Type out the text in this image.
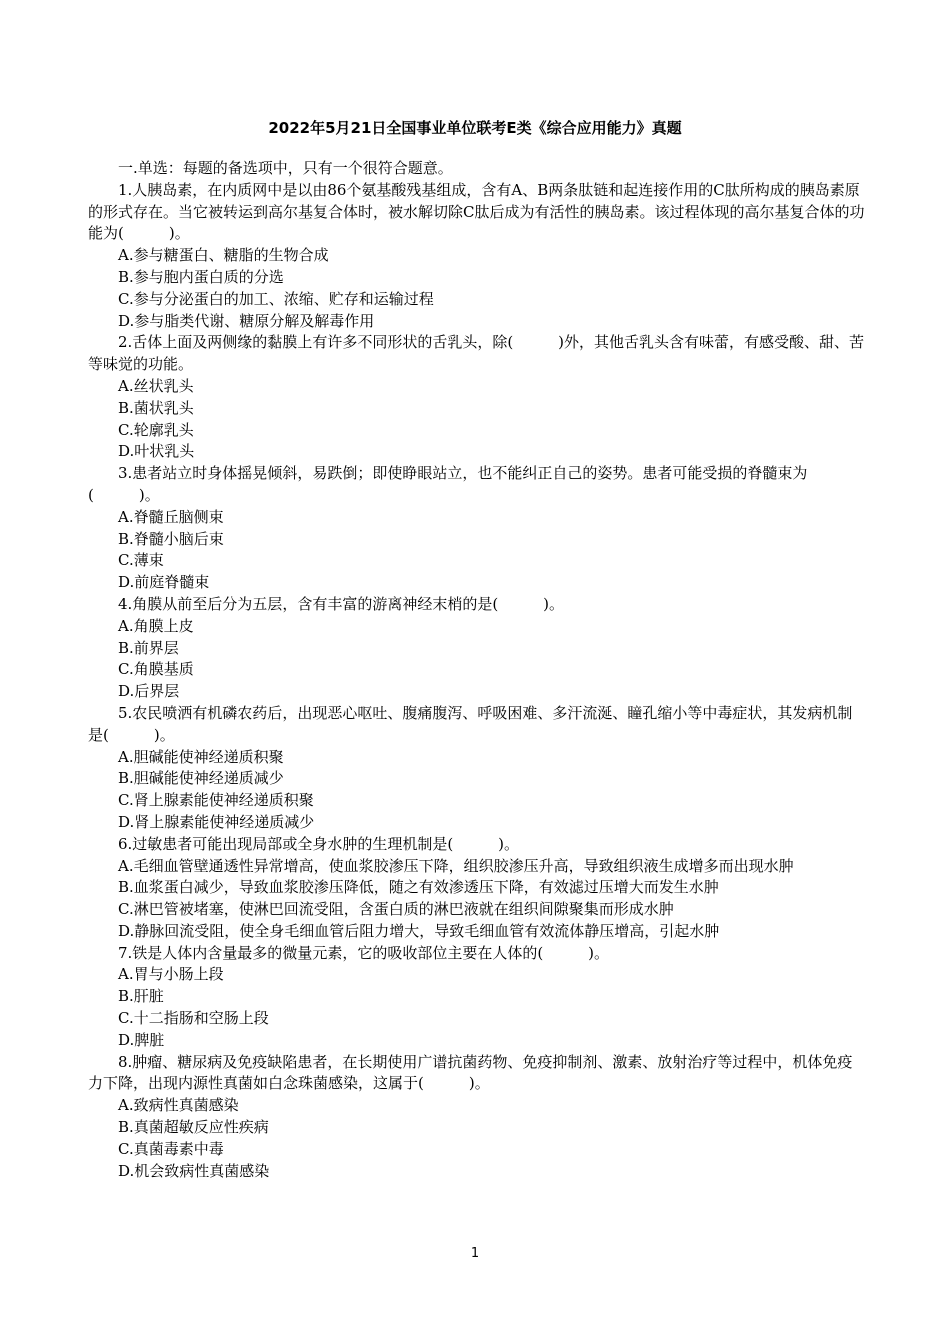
2022年5月21日全国事业单位联考E类《综合应用能力》真题

一.单选：每题的备选项中，只有一个很符合题意。

1.人胰岛素，在内质网中是以由86个氨基酸残基组成，含有A、B两条肽链和起连接作用的C肽所构成的胰岛素原的形式存在。当它被转运到高尔基复合体时，被水解切除C肽后成为有活性的胰岛素。该过程体现的高尔基复合体的功能为(　　　)。

A.参与糖蛋白、糖脂的生物合成

B.参与胞内蛋白质的分选

C.参与分泌蛋白的加工、浓缩、贮存和运输过程

D.参与脂类代谢、糖原分解及解毒作用

2.舌体上面及两侧缘的黏膜上有许多不同形状的舌乳头，除(　　　)外，其他舌乳头含有味蕾，有感受酸、甜、苦等味觉的功能。

A.丝状乳头

B.菌状乳头

C.轮廓乳头

D.叶状乳头

3.患者站立时身体摇晃倾斜，易跌倒；即使睁眼站立，也不能纠正自己的姿势。患者可能受损的脊髓束为(　　　)。

A.脊髓丘脑侧束

B.脊髓小脑后束

C.薄束

D.前庭脊髓束

4.角膜从前至后分为五层，含有丰富的游离神经末梢的是(　　　)。

A.角膜上皮

B.前界层

C.角膜基质

D.后界层

5.农民喷洒有机磷农药后，出现恶心呕吐、腹痛腹泻、呼吸困难、多汗流涎、瞳孔缩小等中毒症状，其发病机制是(　　　)。

A.胆碱能使神经递质积聚

B.胆碱能使神经递质减少

C.肾上腺素能使神经递质积聚

D.肾上腺素能使神经递质减少

6.过敏患者可能出现局部或全身水肿的生理机制是(　　　)。

A.毛细血管壁通透性异常增高，使血浆胶渗压下降，组织胶渗压升高，导致组织液生成增多而出现水肿

B.血浆蛋白减少，导致血浆胶渗压降低，随之有效渗透压下降，有效滤过压增大而发生水肿

C.淋巴管被堵塞，使淋巴回流受阻，含蛋白质的淋巴液就在组织间隙聚集而形成水肿

D.静脉回流受阻，使全身毛细血管后阻力增大，导致毛细血管有效流体静压增高，引起水肿

7.铁是人体内含量最多的微量元素，它的吸收部位主要在人体的(　　　)。

A.胃与小肠上段

B.肝脏

C.十二指肠和空肠上段

D.脾脏

8.肿瘤、糖尿病及免疫缺陷患者，在长期使用广谱抗菌药物、免疫抑制剂、激素、放射治疗等过程中，机体免疫力下降，出现内源性真菌如白念珠菌感染，这属于(　　　)。

A.致病性真菌感染

B.真菌超敏反应性疾病

C.真菌毒素中毒

D.机会致病性真菌感染

1
